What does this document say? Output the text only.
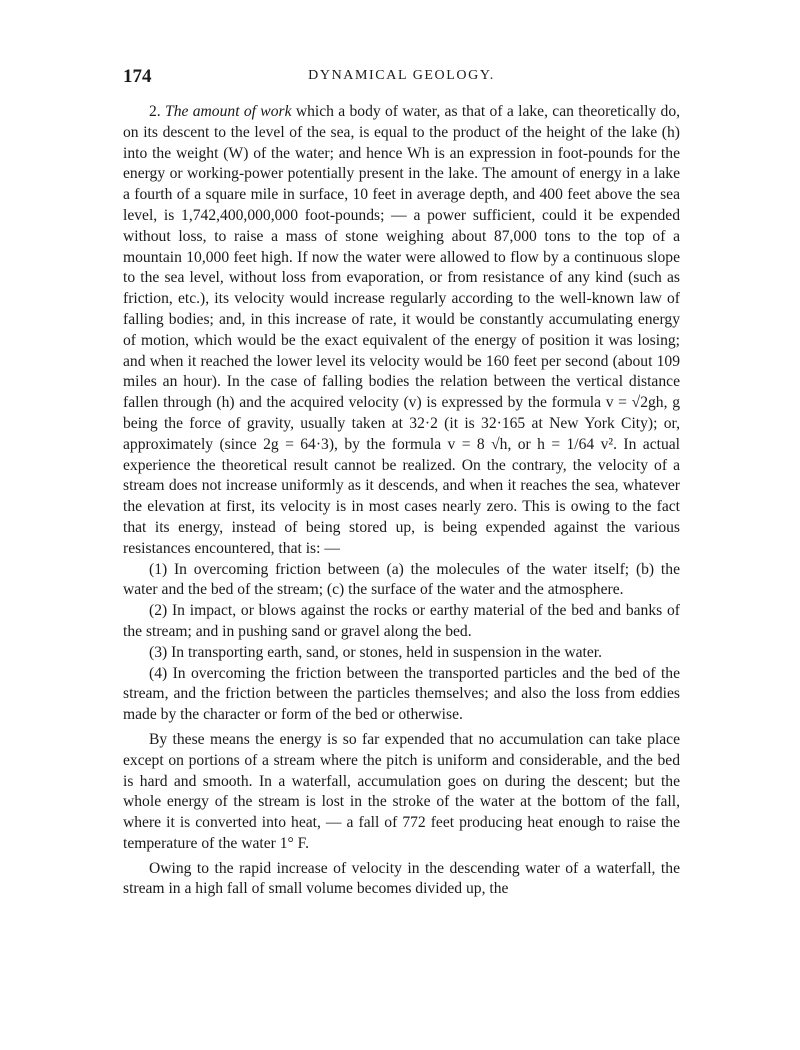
174	DYNAMICAL GEOLOGY.

2. The amount of work which a body of water, as that of a lake, can theoretically do, on its descent to the level of the sea, is equal to the product of the height of the lake (h) into the weight (W) of the water; and hence Wh is an expression in foot-pounds for the energy or working-power potentially present in the lake. The amount of energy in a lake a fourth of a square mile in surface, 10 feet in average depth, and 400 feet above the sea level, is 1,742,400,000,000 foot-pounds; — a power sufficient, could it be expended without loss, to raise a mass of stone weighing about 87,000 tons to the top of a mountain 10,000 feet high. If now the water were allowed to flow by a continuous slope to the sea level, without loss from evaporation, or from resistance of any kind (such as friction, etc.), its velocity would increase regularly according to the well-known law of falling bodies; and, in this increase of rate, it would be constantly accumulating energy of motion, which would be the exact equivalent of the energy of position it was losing; and when it reached the lower level its velocity would be 160 feet per second (about 109 miles an hour). In the case of falling bodies the relation between the vertical distance fallen through (h) and the acquired velocity (v) is expressed by the formula v = √2gh, g being the force of gravity, usually taken at 32·2 (it is 32·165 at New York City); or, approximately (since 2g = 64·3), by the formula v = 8 √h, or h = 1/64 v². In actual experience the theoretical result cannot be realized. On the contrary, the velocity of a stream does not increase uniformly as it descends, and when it reaches the sea, whatever the elevation at first, its velocity is in most cases nearly zero. This is owing to the fact that its energy, instead of being stored up, is being expended against the various resistances encountered, that is: —

(1) In overcoming friction between (a) the molecules of the water itself; (b) the water and the bed of the stream; (c) the surface of the water and the atmosphere.

(2) In impact, or blows against the rocks or earthy material of the bed and banks of the stream; and in pushing sand or gravel along the bed.

(3) In transporting earth, sand, or stones, held in suspension in the water.

(4) In overcoming the friction between the transported particles and the bed of the stream, and the friction between the particles themselves; and also the loss from eddies made by the character or form of the bed or otherwise.

By these means the energy is so far expended that no accumulation can take place except on portions of a stream where the pitch is uniform and considerable, and the bed is hard and smooth. In a waterfall, accumulation goes on during the descent; but the whole energy of the stream is lost in the stroke of the water at the bottom of the fall, where it is converted into heat, — a fall of 772 feet producing heat enough to raise the temperature of the water 1° F.

Owing to the rapid increase of velocity in the descending water of a waterfall, the stream in a high fall of small volume becomes divided up, the
